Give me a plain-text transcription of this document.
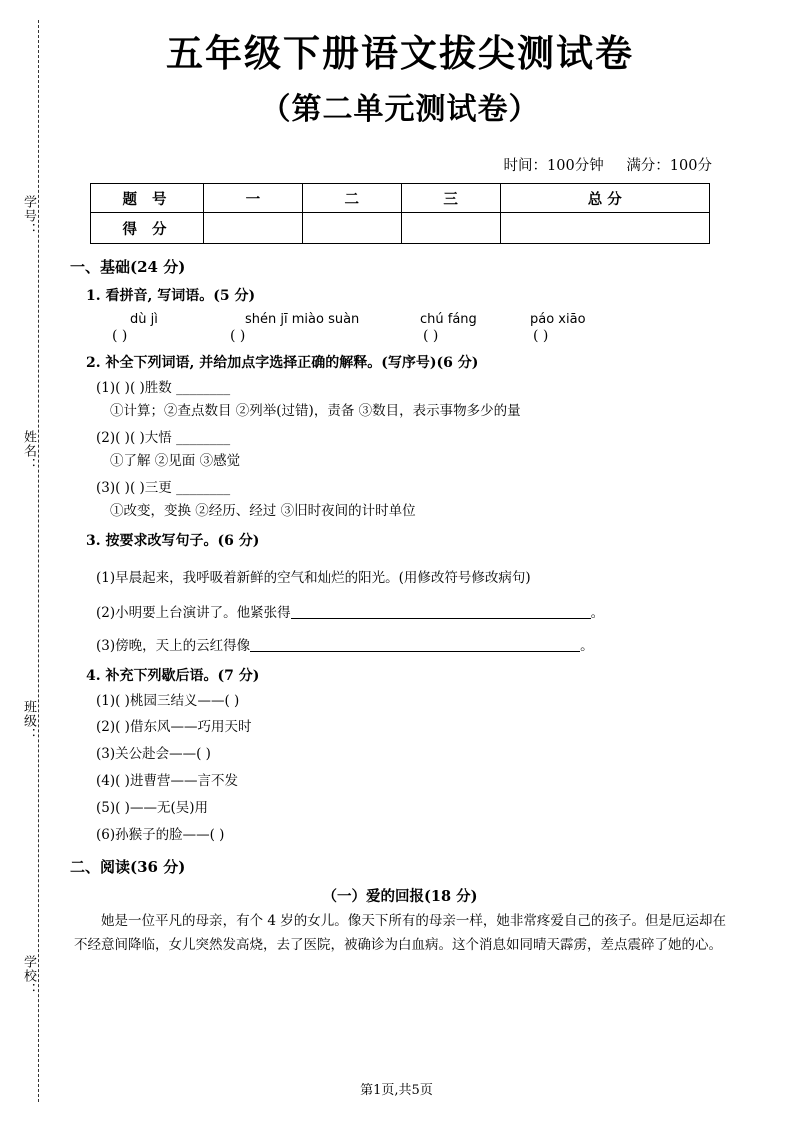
学号：
姓名：
班级：
学校：
五年级下册语文拔尖测试卷
（第二单元测试卷）
时间：100分钟 满分：100分
题 号	一	二	三	总 分
得 分				
一、基础(24 分)
1. 看拼音, 写词语。(5 分)
dù jì	shén jī miào suàn	chú fáng	páo xiāo
( )	( )	( )	( )
2. 补全下列词语, 并给加点字选择正确的解释。(写序号)(6 分)
(1)( )( )胜数 ________
①计算；②查点数目 ②列举(过错)，责备 ③数目，表示事物多少的量
(2)( )( )大悟 ________
①了解 ②见面 ③感觉
(3)( )( )三更 ________
①改变，变换 ②经历、经过 ③旧时夜间的计时单位
3. 按要求改写句子。(6 分)
(1)早晨起来，我呼吸着新鲜的空气和灿烂的阳光。(用修改符号修改病句)
(2)小明要上台演讲了。他紧张得	。
(3)傍晚，天上的云红得像	。
4. 补充下列歇后语。(7 分)
(1)( )桃园三结义——( )
(2)( )借东风——巧用天时
(3)关公赴会——( )
(4)( )进曹营——言不发
(5)( )——无(吴)用
(6)孙猴子的脸——( )
二、阅读(36 分)
（一）爱的回报(18 分)
她是一位平凡的母亲，有个 4 岁的女儿。像天下所有的母亲一样，她非常疼爱自己的孩子。但是厄运却在不经意间降临，女儿突然发高烧，去了医院，被确诊为白血病。这个消息如同晴天霹雳，差点震碎了她的心。
第1页,共5页
